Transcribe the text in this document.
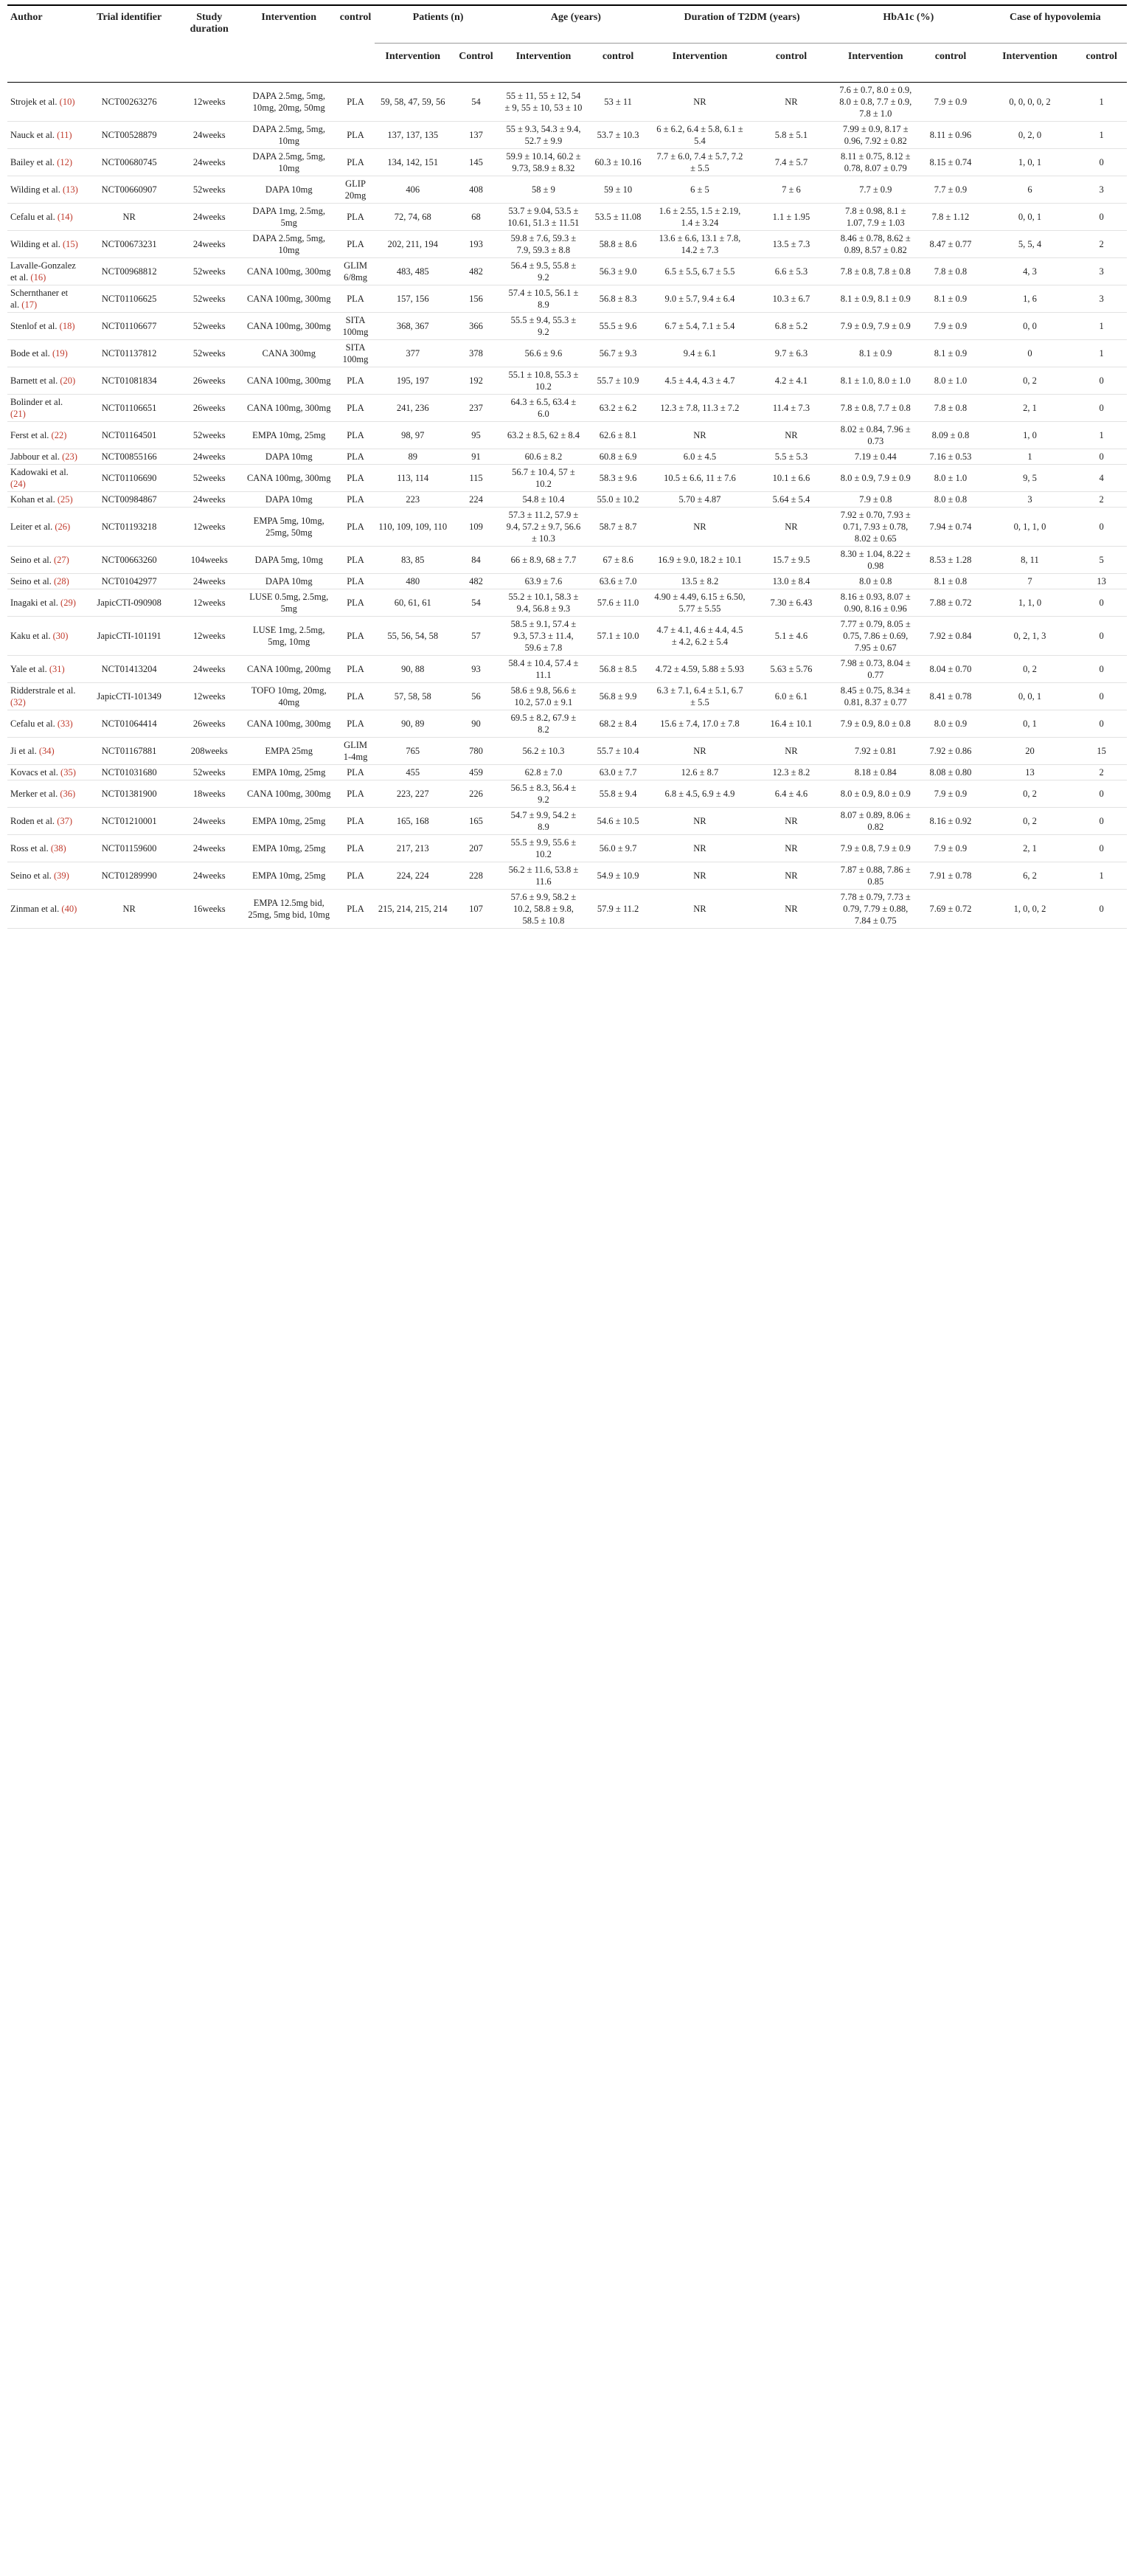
Author	Trial identifier	Study duration	Intervention	control	Patients (n)		Age (years)		Duration of T2DM (years)		HbA1c (%)		Case of hypovolemia	
					Intervention	Control	Intervention	control	Intervention	control	Intervention	control	Intervention	control
Strojek et al. (10)	NCT00263276	12weeks	DAPA 2.5mg, 5mg, 10mg, 20mg, 50mg	PLA	59, 58, 47, 59, 56	54	55 ± 11, 55 ± 12, 54 ± 9, 55 ± 10, 53 ± 10	53 ± 11	NR	NR	7.6 ± 0.7, 8.0 ± 0.9, 8.0 ± 0.8, 7.7 ± 0.9, 7.8 ± 1.0	7.9 ± 0.9	0, 0, 0, 0, 2	1
Nauck et al. (11)	NCT00528879	24weeks	DAPA 2.5mg, 5mg, 10mg	PLA	137, 137, 135	137	55 ± 9.3, 54.3 ± 9.4, 52.7 ± 9.9	53.7 ± 10.3	6 ± 6.2, 6.4 ± 5.8, 6.1 ± 5.4	5.8 ± 5.1	7.99 ± 0.9, 8.17 ± 0.96, 7.92 ± 0.82	8.11 ± 0.96	0, 2, 0	1
Bailey et al. (12)	NCT00680745	24weeks	DAPA 2.5mg, 5mg, 10mg	PLA	134, 142, 151	145	59.9 ± 10.14, 60.2 ± 9.73, 58.9 ± 8.32	60.3 ± 10.16	7.7 ± 6.0, 7.4 ± 5.7, 7.2 ± 5.5	7.4 ± 5.7	8.11 ± 0.75, 8.12 ± 0.78, 8.07 ± 0.79	8.15 ± 0.74	1, 0, 1	0
Wilding et al. (13)	NCT00660907	52weeks	DAPA 10mg	GLIP 20mg	406	408	58 ± 9	59 ± 10	6 ± 5	7 ± 6	7.7 ± 0.9	7.7 ± 0.9	6	3
Cefalu et al. (14)	NR	24weeks	DAPA 1mg, 2.5mg, 5mg	PLA	72, 74, 68	68	53.7 ± 9.04, 53.5 ± 10.61, 51.3 ± 11.51	53.5 ± 11.08	1.6 ± 2.55, 1.5 ± 2.19, 1.4 ± 3.24	1.1 ± 1.95	7.8 ± 0.98, 8.1 ± 1.07, 7.9 ± 1.03	7.8 ± 1.12	0, 0, 1	0
Wilding et al. (15)	NCT00673231	24weeks	DAPA 2.5mg, 5mg, 10mg	PLA	202, 211, 194	193	59.8 ± 7.6, 59.3 ± 7.9, 59.3 ± 8.8	58.8 ± 8.6	13.6 ± 6.6, 13.1 ± 7.8, 14.2 ± 7.3	13.5 ± 7.3	8.46 ± 0.78, 8.62 ± 0.89, 8.57 ± 0.82	8.47 ± 0.77	5, 5, 4	2
Lavalle-Gonzalez et al. (16)	NCT00968812	52weeks	CANA 100mg, 300mg	GLIM 6/8mg	483, 485	482	56.4 ± 9.5, 55.8 ± 9.2	56.3 ± 9.0	6.5 ± 5.5, 6.7 ± 5.5	6.6 ± 5.3	7.8 ± 0.8, 7.8 ± 0.8	7.8 ± 0.8	4, 3	3
Schernthaner et al. (17)	NCT01106625	52weeks	CANA 100mg, 300mg	PLA	157, 156	156	57.4 ± 10.5, 56.1 ± 8.9	56.8 ± 8.3	9.0 ± 5.7, 9.4 ± 6.4	10.3 ± 6.7	8.1 ± 0.9, 8.1 ± 0.9	8.1 ± 0.9	1, 6	3
Stenlof et al. (18)	NCT01106677	52weeks	CANA 100mg, 300mg	SITA 100mg	368, 367	366	55.5 ± 9.4, 55.3 ± 9.2	55.5 ± 9.6	6.7 ± 5.4, 7.1 ± 5.4	6.8 ± 5.2	7.9 ± 0.9, 7.9 ± 0.9	7.9 ± 0.9	0, 0	1
Bode et al. (19)	NCT01137812	52weeks	CANA 300mg	SITA 100mg	377	378	56.6 ± 9.6	56.7 ± 9.3	9.4 ± 6.1	9.7 ± 6.3	8.1 ± 0.9	8.1 ± 0.9	0	1
Barnett et al. (20)	NCT01081834	26weeks	CANA 100mg, 300mg	PLA	195, 197	192	55.1 ± 10.8, 55.3 ± 10.2	55.7 ± 10.9	4.5 ± 4.4, 4.3 ± 4.7	4.2 ± 4.1	8.1 ± 1.0, 8.0 ± 1.0	8.0 ± 1.0	0, 2	0
Bolinder et al. (21)	NCT01106651	26weeks	CANA 100mg, 300mg	PLA	241, 236	237	64.3 ± 6.5, 63.4 ± 6.0	63.2 ± 6.2	12.3 ± 7.8, 11.3 ± 7.2	11.4 ± 7.3	7.8 ± 0.8, 7.7 ± 0.8	7.8 ± 0.8	2, 1	0
Ferst et al. (22)	NCT01164501	52weeks	EMPA 10mg, 25mg	PLA	98, 97	95	63.2 ± 8.5, 62 ± 8.4	62.6 ± 8.1	NR	NR	8.02 ± 0.84, 7.96 ± 0.73	8.09 ± 0.8	1, 0	1
Jabbour et al. (23)	NCT00855166	24weeks	DAPA 10mg	PLA	89	91	60.6 ± 8.2	60.8 ± 6.9	6.0 ± 4.5	5.5 ± 5.3	7.19 ± 0.44	7.16 ± 0.53	1	0
Kadowaki et al. (24)	NCT01106690	52weeks	CANA 100mg, 300mg	PLA	113, 114	115	56.7 ± 10.4, 57 ± 10.2	58.3 ± 9.6	10.5 ± 6.6, 11 ± 7.6	10.1 ± 6.6	8.0 ± 0.9, 7.9 ± 0.9	8.0 ± 1.0	9, 5	4
Kohan et al. (25)	NCT00984867	24weeks	DAPA 10mg	PLA	223	224	54.8 ± 10.4	55.0 ± 10.2	5.70 ± 4.87	5.64 ± 5.4	7.9 ± 0.8	8.0 ± 0.8	3	2
Leiter et al. (26)	NCT01193218	12weeks	EMPA 5mg, 10mg, 25mg, 50mg	PLA	110, 109, 109, 110	109	57.3 ± 11.2, 57.9 ± 9.4, 57.2 ± 9.7, 56.6 ± 10.3	58.7 ± 8.7	NR	NR	7.92 ± 0.70, 7.93 ± 0.71, 7.93 ± 0.78, 8.02 ± 0.65	7.94 ± 0.74	0, 1, 1, 0	0
Seino et al. (27)	NCT00663260	104weeks	DAPA 5mg, 10mg	PLA	83, 85	84	66 ± 8.9, 68 ± 7.7	67 ± 8.6	16.9 ± 9.0, 18.2 ± 10.1	15.7 ± 9.5	8.30 ± 1.04, 8.22 ± 0.98	8.53 ± 1.28	8, 11	5
Seino et al. (28)	NCT01042977	24weeks	DAPA 10mg	PLA	480	482	63.9 ± 7.6	63.6 ± 7.0	13.5 ± 8.2	13.0 ± 8.4	8.0 ± 0.8	8.1 ± 0.8	7	13
Inagaki et al. (29)	JapicCTI-090908	12weeks	LUSE 0.5mg, 2.5mg, 5mg	PLA	60, 61, 61	54	55.2 ± 10.1, 58.3 ± 9.4, 56.8 ± 9.3	57.6 ± 11.0	4.90 ± 4.49, 6.15 ± 6.50, 5.77 ± 5.55	7.30 ± 6.43	8.16 ± 0.93, 8.07 ± 0.90, 8.16 ± 0.96	7.88 ± 0.72	1, 1, 0	0
Kaku et al. (30)	JapicCTI-101191	12weeks	LUSE 1mg, 2.5mg, 5mg, 10mg	PLA	55, 56, 54, 58	57	58.5 ± 9.1, 57.4 ± 9.3, 57.3 ± 11.4, 59.6 ± 7.8	57.1 ± 10.0	4.7 ± 4.1, 4.6 ± 4.4, 4.5 ± 4.2, 6.2 ± 5.4	5.1 ± 4.6	7.77 ± 0.79, 8.05 ± 0.75, 7.86 ± 0.69, 7.95 ± 0.67	7.92 ± 0.84	0, 2, 1, 3	0
Yale et al. (31)	NCT01413204	24weeks	CANA 100mg, 200mg	PLA	90, 88	93	58.4 ± 10.4, 57.4 ± 11.1	56.8 ± 8.5	4.72 ± 4.59, 5.88 ± 5.93	5.63 ± 5.76	7.98 ± 0.73, 8.04 ± 0.77	8.04 ± 0.70	0, 2	0
Ridderstrale et al. (32)	JapicCTI-101349	12weeks	TOFO 10mg, 20mg, 40mg	PLA	57, 58, 58	56	58.6 ± 9.8, 56.6 ± 10.2, 57.0 ± 9.1	56.8 ± 9.9	6.3 ± 7.1, 6.4 ± 5.1, 6.7 ± 5.5	6.0 ± 6.1	8.45 ± 0.75, 8.34 ± 0.81, 8.37 ± 0.77	8.41 ± 0.78	0, 0, 1	0
Cefalu et al. (33)	NCT01064414	26weeks	CANA 100mg, 300mg	PLA	90, 89	90	69.5 ± 8.2, 67.9 ± 8.2	68.2 ± 8.4	15.6 ± 7.4, 17.0 ± 7.8	16.4 ± 10.1	7.9 ± 0.9, 8.0 ± 0.8	8.0 ± 0.9	0, 1	0
Ji et al. (34)	NCT01167881	208weeks	EMPA 25mg	GLIM 1-4mg	765	780	56.2 ± 10.3	55.7 ± 10.4	NR	NR	7.92 ± 0.81	7.92 ± 0.86	20	15
Kovacs et al. (35)	NCT01031680	52weeks	EMPA 10mg, 25mg	PLA	455	459	62.8 ± 7.0	63.0 ± 7.7	12.6 ± 8.7	12.3 ± 8.2	8.18 ± 0.84	8.08 ± 0.80	13	2
Merker et al. (36)	NCT01381900	18weeks	CANA 100mg, 300mg	PLA	223, 227	226	56.5 ± 8.3, 56.4 ± 9.2	55.8 ± 9.4	6.8 ± 4.5, 6.9 ± 4.9	6.4 ± 4.6	8.0 ± 0.9, 8.0 ± 0.9	7.9 ± 0.9	0, 2	0
Roden et al. (37)	NCT01210001	24weeks	EMPA 10mg, 25mg	PLA	165, 168	165	54.7 ± 9.9, 54.2 ± 8.9	54.6 ± 10.5	NR	NR	8.07 ± 0.89, 8.06 ± 0.82	8.16 ± 0.92	0, 2	0
Ross et al. (38)	NCT01159600	24weeks	EMPA 10mg, 25mg	PLA	217, 213	207	55.5 ± 9.9, 55.6 ± 10.2	56.0 ± 9.7	NR	NR	7.9 ± 0.8, 7.9 ± 0.9	7.9 ± 0.9	2, 1	0
Seino et al. (39)	NCT01289990	24weeks	EMPA 10mg, 25mg	PLA	224, 224	228	56.2 ± 11.6, 53.8 ± 11.6	54.9 ± 10.9	NR	NR	7.87 ± 0.88, 7.86 ± 0.85	7.91 ± 0.78	6, 2	1
Zinman et al. (40)	NR	16weeks	EMPA 12.5mg bid, 25mg, 5mg bid, 10mg	PLA	215, 214, 215, 214	107	57.6 ± 9.9, 58.2 ± 10.2, 58.8 ± 9.8, 58.5 ± 10.8	57.9 ± 11.2	NR	NR	7.78 ± 0.79, 7.73 ± 0.79, 7.79 ± 0.88, 7.84 ± 0.75	7.69 ± 0.72	1, 0, 0, 2	0
